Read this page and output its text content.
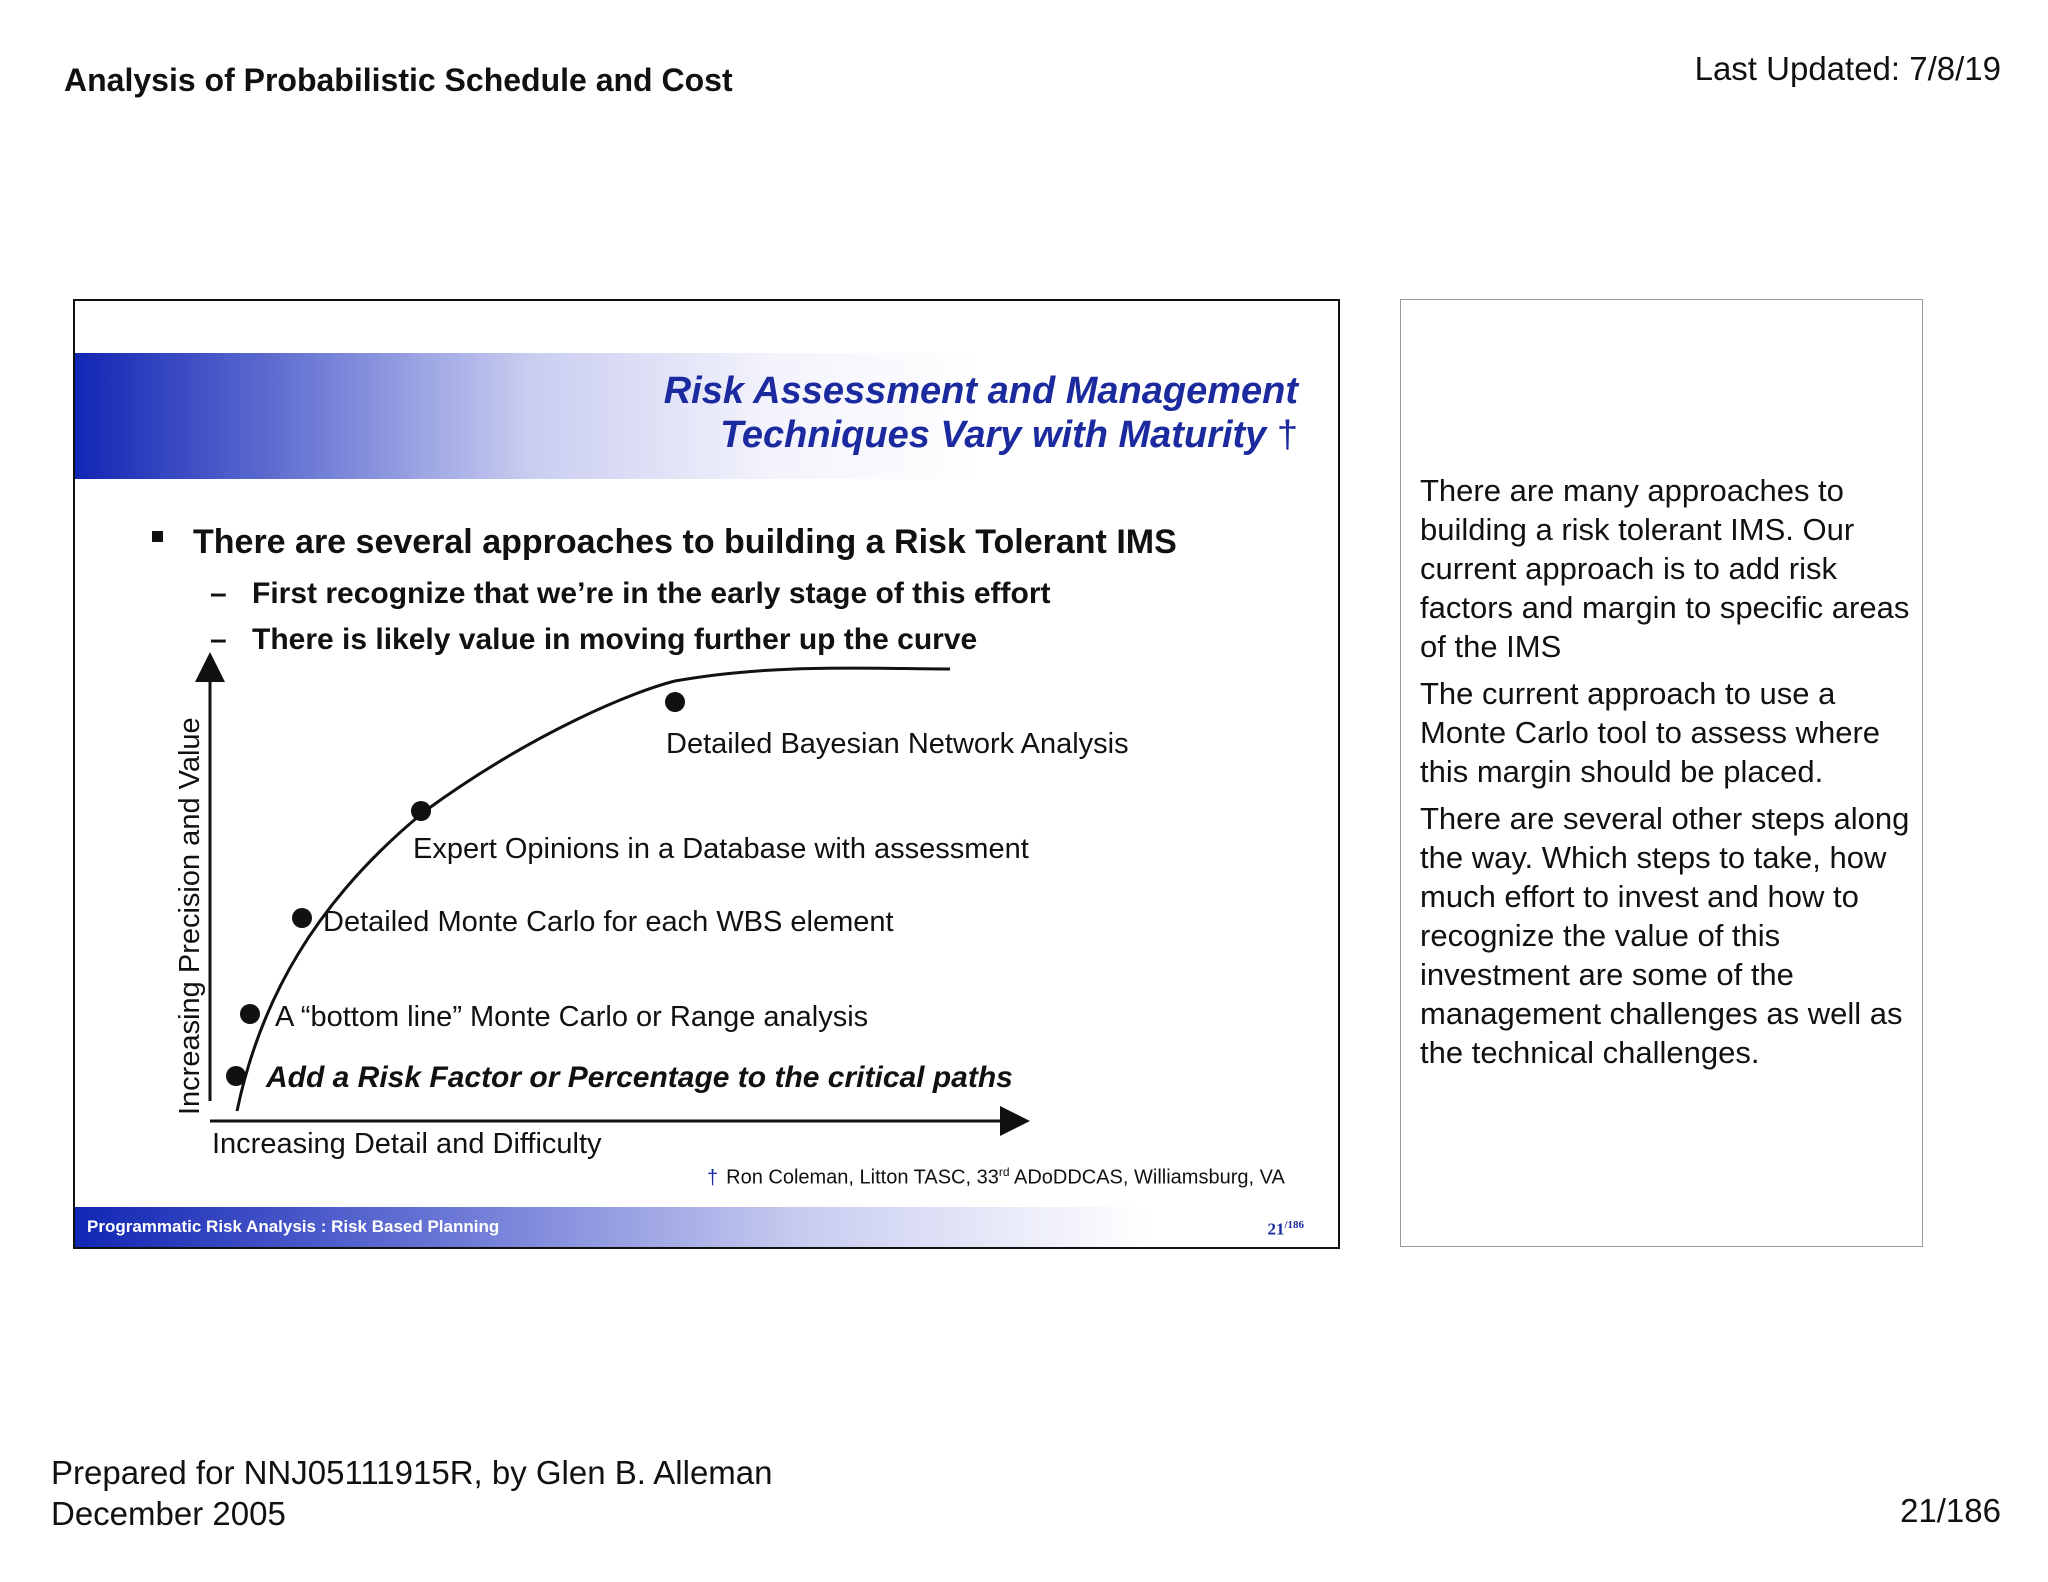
Analysis of Probabilistic Schedule and Cost	Last Updated: 7/8/19
Risk Assessment and Management
Techniques Vary with Maturity †
There are several approaches to building a Risk Tolerant IMS
– First recognize that we’re in the early stage of this effort
– There is likely value in moving further up the curve
Add a Risk Factor or Percentage to the critical paths
A “bottom line” Monte Carlo or Range analysis
Detailed Monte Carlo for each WBS element
Expert Opinions in a Database with assessment
Detailed Bayesian Network Analysis
Increasing Detail and Difficulty
Increasing Precision and Value
† Ron Coleman, Litton TASC, 33rd ADoDDCAS, Williamsburg, VA
Programmatic Risk Analysis : Risk Based Planning	$21^{/186}$

There are many approaches to building a risk tolerant IMS. Our current approach is to add risk factors and margin to specific areas of the IMS

The current approach to use a Monte Carlo tool to assess where this margin should be placed.

There are several other steps along the way. Which steps to take, how much effort to invest and how to recognize the value of this investment are some of the management challenges as well as the technical challenges.

Prepared for NNJ05111915R, by Glen B. Alleman
December 2005	21/186
